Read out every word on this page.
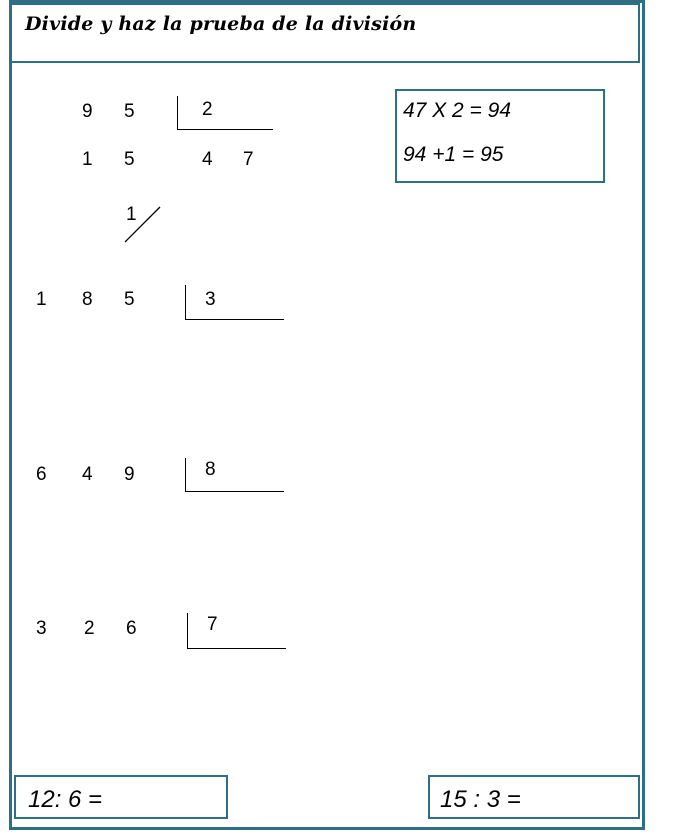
Divide y haz la prueba de la división
9 5	2
1 5	4 7
1
47 X 2 = 94
94 +1 = 95
1 8 5	3
6 4 9	8
3 2 6	7
12: 6 =	15 : 3 =
